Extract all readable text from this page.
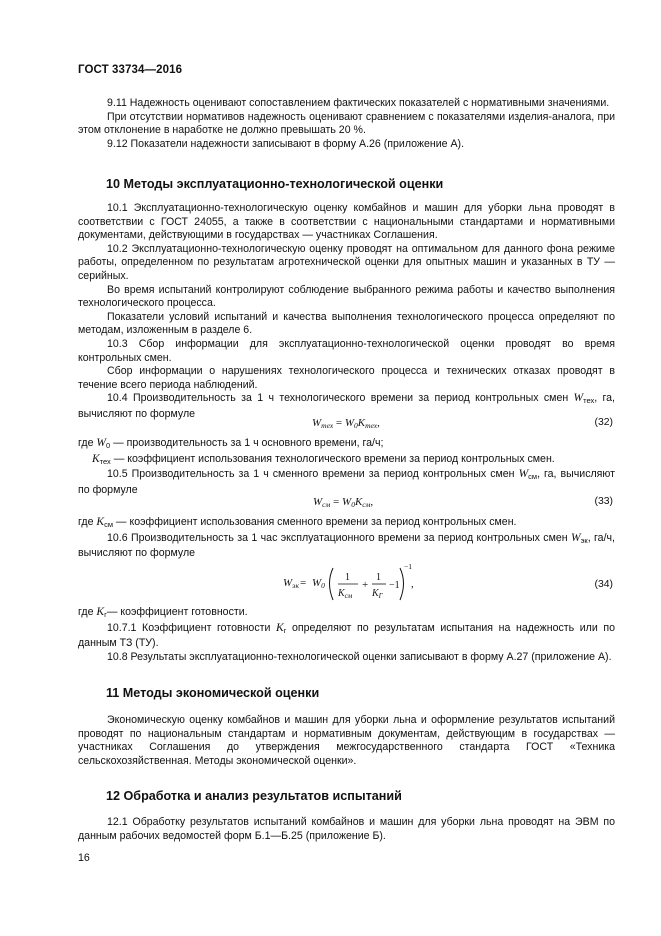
ГОСТ 33734—2016

9.11 Надежность оценивают сопоставлением фактических показателей с нормативными значениями.

При отсутствии нормативов надежность оценивают сравнением с показателями изделия-аналога, при этом отклонение в наработке не должно превышать 20 %.

9.12 Показатели надежности записывают в форму А.26 (приложение А).

10 Методы эксплуатационно-технологической оценки

10.1 Эксплуатационно-технологическую оценку комбайнов и машин для уборки льна проводят в соответствии с ГОСТ 24055, а также в соответствии с национальными стандартами и нормативными документами, действующими в государствах — участниках Соглашения.

10.2 Эксплуатационно-технологическую оценку проводят на оптимальном для данного фона режиме работы, определенном по результатам агротехнической оценки для опытных машин и указанных в ТУ — серийных.

Во время испытаний контролируют соблюдение выбранного режима работы и качество выполнения технологического процесса.

Показатели условий испытаний и качества выполнения технологического процесса определяют по методам, изложенным в разделе 6.

10.3 Сбор информации для эксплуатационно-технологической оценки проводят во время контрольных смен.

Сбор информации о нарушениях технологического процесса и технических отказах проводят в течение всего периода наблюдений.

10.4 Производительность за 1 ч технологического времени за период контрольных смен $W_{тех}$, га, вычисляют по формуле

$W_{тех} = W_0K_{тех}$,	(32)

где $W_0$ — производительность за 1 ч основного времени, га/ч;

$K_{тех}$ — коэффициент использования технологического времени за период контрольных смен.

10.5 Производительность за 1 ч сменного времени за период контрольных смен $W_{см}$, га, вычисляют по формуле

$W_{см} = W_0K_{см}$,	(33)

где $K_{см}$ — коэффициент использования сменного времени за период контрольных смен.

10.6 Производительность за 1 час эксплуатационного времени за период контрольных смен $W_{эк}$, га/ч, вычисляют по формуле

Wэк = W0
1
$K_{см}$
+
1
$K_Г$
−1
−1
,	(34)

где $K_г—$ коэффициент готовности.

10.7.1 Коэффициент готовности $K_г$ определяют по результатам испытания на надежность или по данным ТЗ (ТУ).

10.8 Результаты эксплуатационно-технологической оценки записывают в форму А.27 (приложение А).

11 Методы экономической оценки

Экономическую оценку комбайнов и машин для уборки льна и оформление результатов испытаний проводят по национальным стандартам и нормативным документам, действующим в государствах — участниках Соглашения до утверждения межгосударственного стандарта ГОСТ «Техника сельскохозяйственная. Методы экономической оценки».

12 Обработка и анализ результатов испытаний

12.1 Обработку результатов испытаний комбайнов и машин для уборки льна проводят на ЭВМ по данным рабочих ведомостей форм Б.1—Б.25 (приложение Б).

16
